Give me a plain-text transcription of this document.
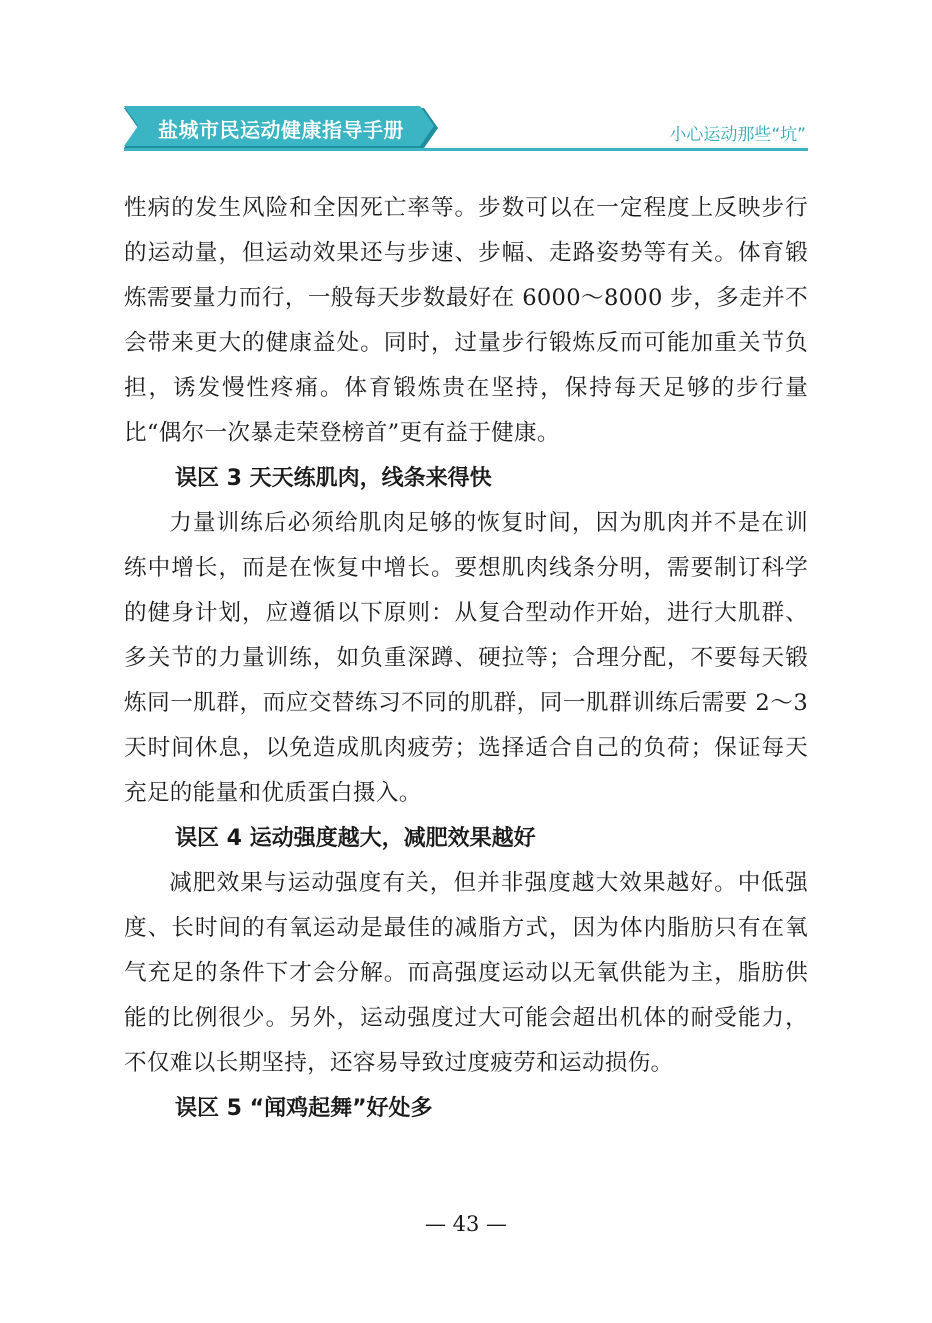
盐城市民运动健康指导手册	小心运动那些“坑”

性病的发生风险和全因死亡率等。步数可以在一定程度上反映步行的运动量，但运动效果还与步速、步幅、走路姿势等有关。体育锻炼需要量力而行，一般每天步数最好在 6000～8000 步，多走并不会带来更大的健康益处。同时，过量步行锻炼反而可能加重关节负担，诱发慢性疼痛。体育锻炼贵在坚持，保持每天足够的步行量比“偶尔一次暴走荣登榜首”更有益于健康。

误区 3 天天练肌肉，线条来得快

力量训练后必须给肌肉足够的恢复时间，因为肌肉并不是在训练中增长，而是在恢复中增长。要想肌肉线条分明，需要制订科学的健身计划，应遵循以下原则：从复合型动作开始，进行大肌群、多关节的力量训练，如负重深蹲、硬拉等；合理分配，不要每天锻炼同一肌群，而应交替练习不同的肌群，同一肌群训练后需要 2～3 天时间休息，以免造成肌肉疲劳；选择适合自己的负荷；保证每天充足的能量和优质蛋白摄入。

误区 4 运动强度越大，减肥效果越好

减肥效果与运动强度有关，但并非强度越大效果越好。中低强度、长时间的有氧运动是最佳的减脂方式，因为体内脂肪只有在氧气充足的条件下才会分解。而高强度运动以无氧供能为主，脂肪供能的比例很少。另外，运动强度过大可能会超出机体的耐受能力，不仅难以长期坚持，还容易导致过度疲劳和运动损伤。

误区 5 “闻鸡起舞”好处多

— 43 —
